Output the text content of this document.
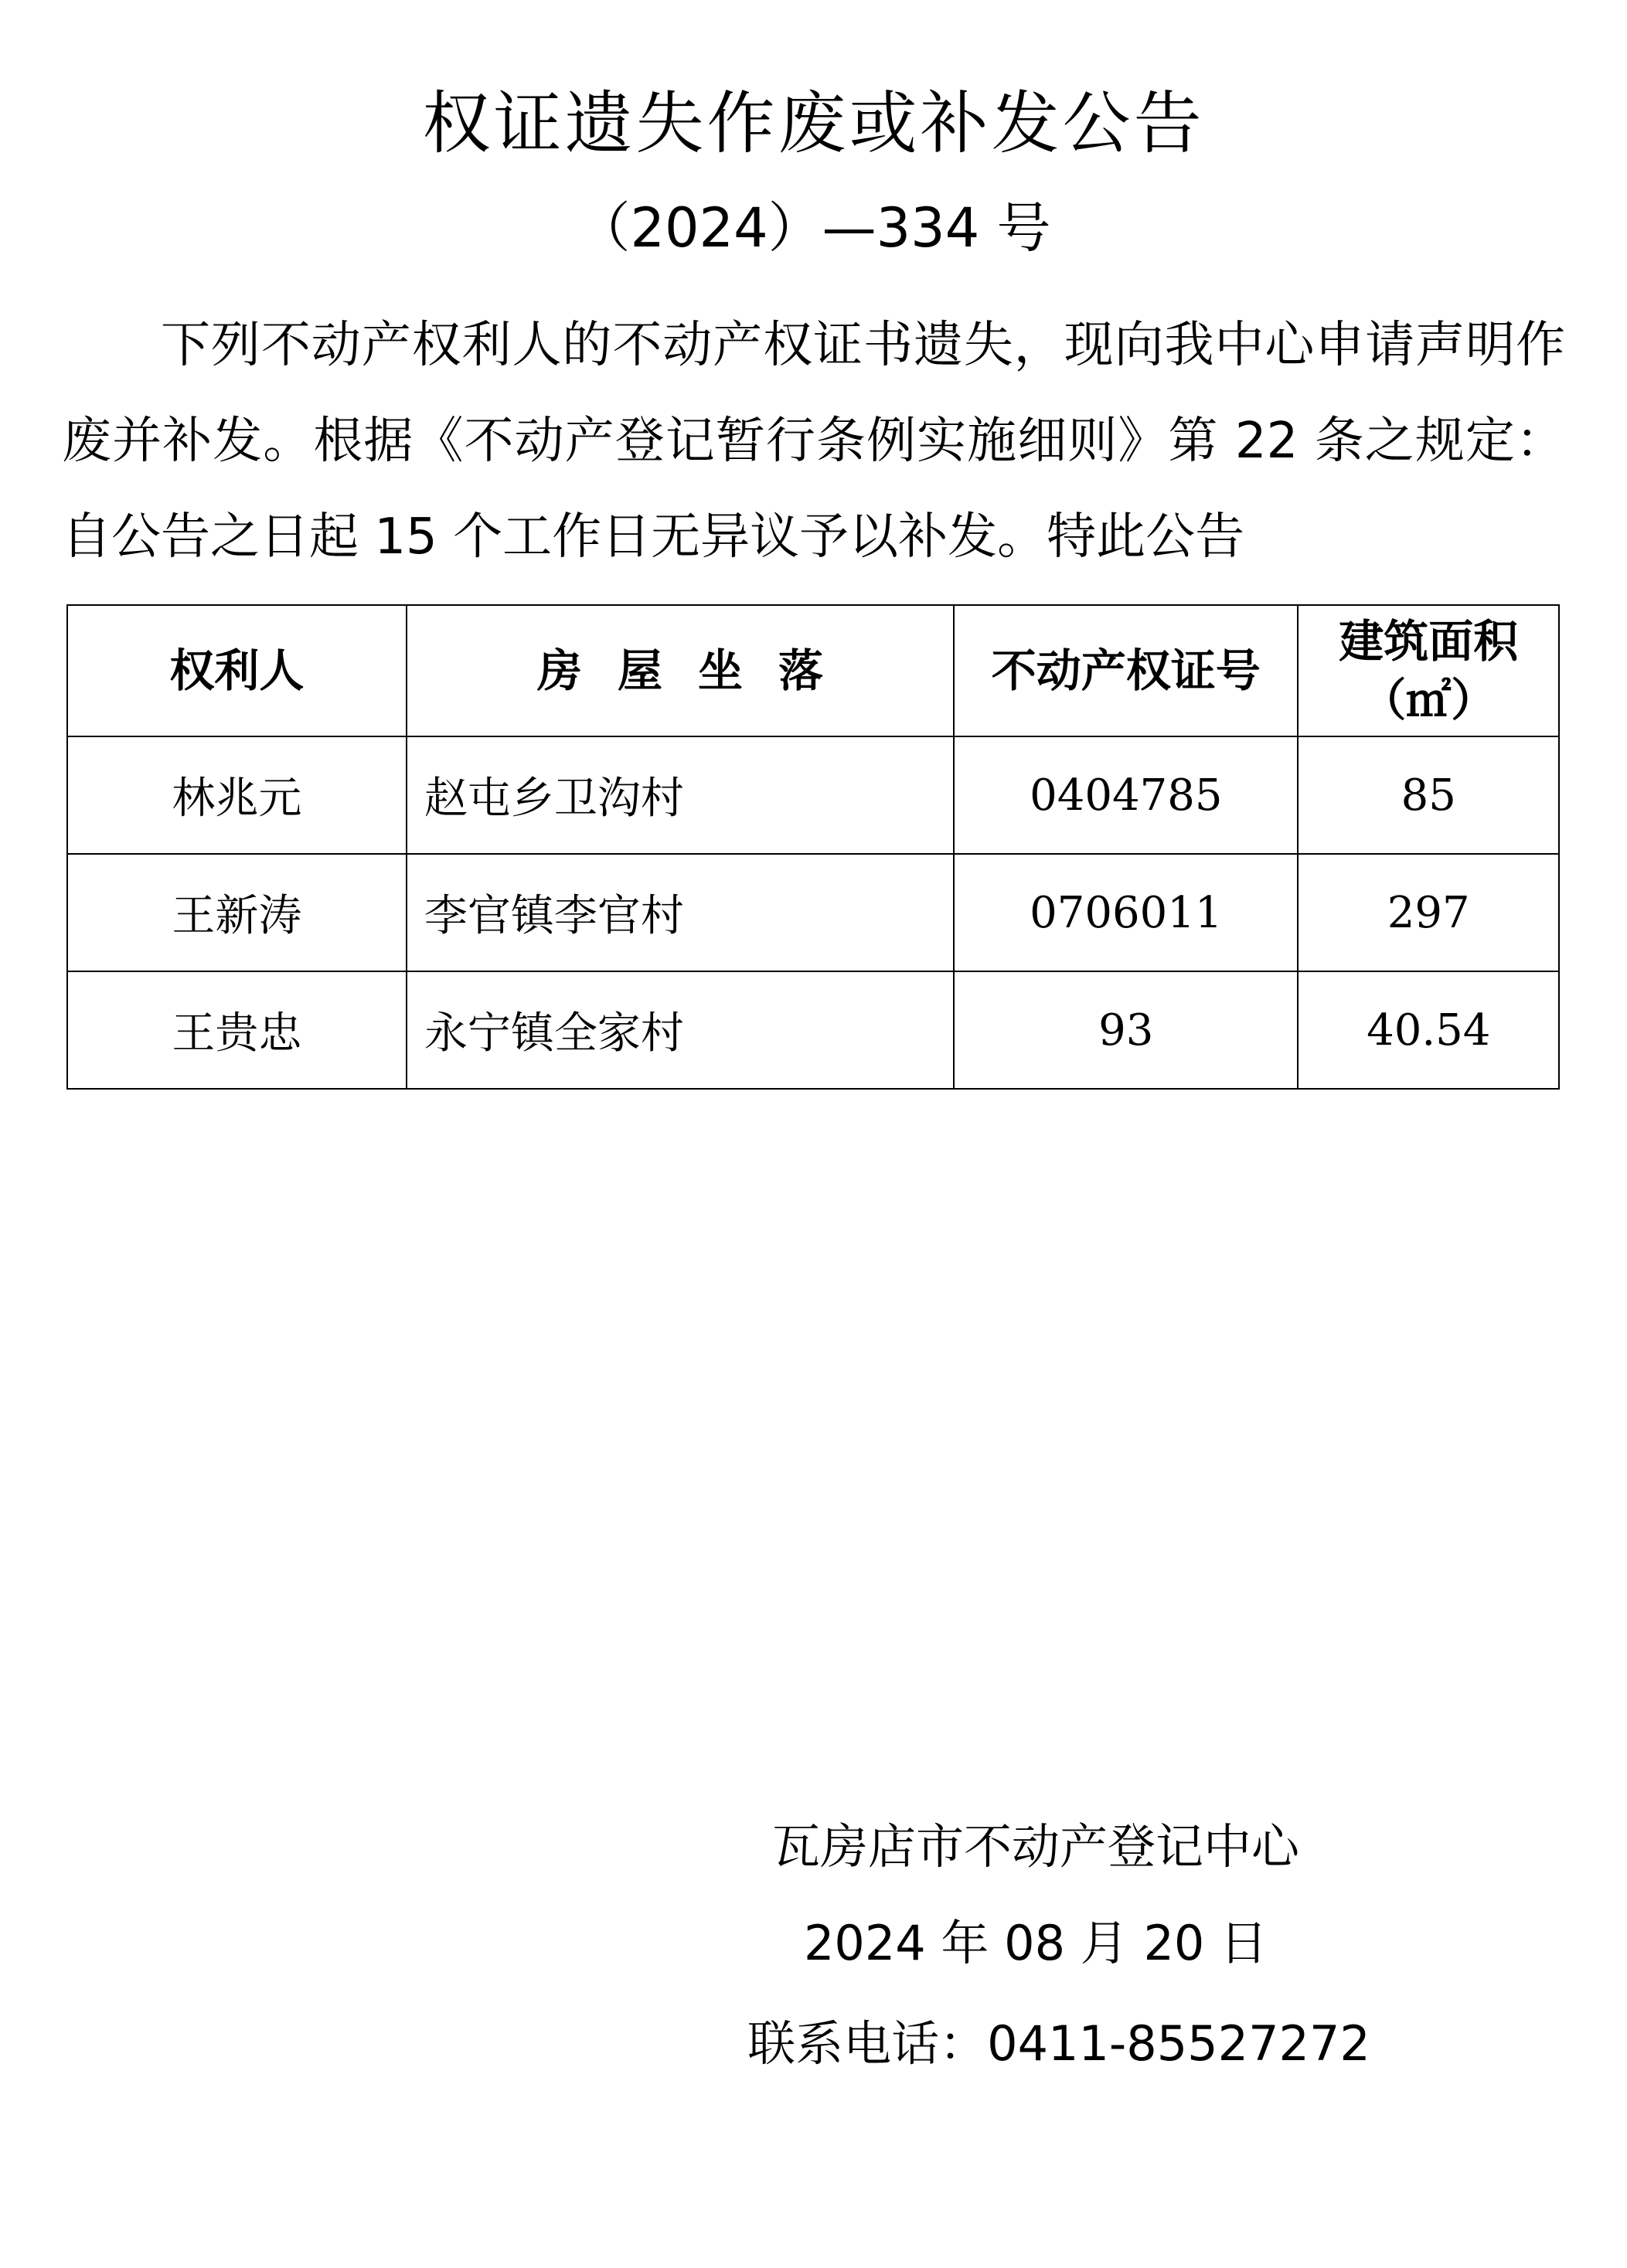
权证遗失作废或补发公告
（2024）—334 号

下列不动产权利人的不动产权证书遗失，现向我中心申请声明作废并补发。根据《不动产登记暂行条例实施细则》第 22 条之规定：自公告之日起 15 个工作日无异议予以补发。特此公告

权利人	房屋坐落	不动产权证号	建筑面积
（㎡）

林兆元	赵屯乡卫沟村	0404785	85
王新涛	李官镇李官村	0706011	297
王贵忠	永宁镇全家村	93	40.54
瓦房店市不动产登记中心
2024 年 08 月 20 日
联系电话：0411-85527272
